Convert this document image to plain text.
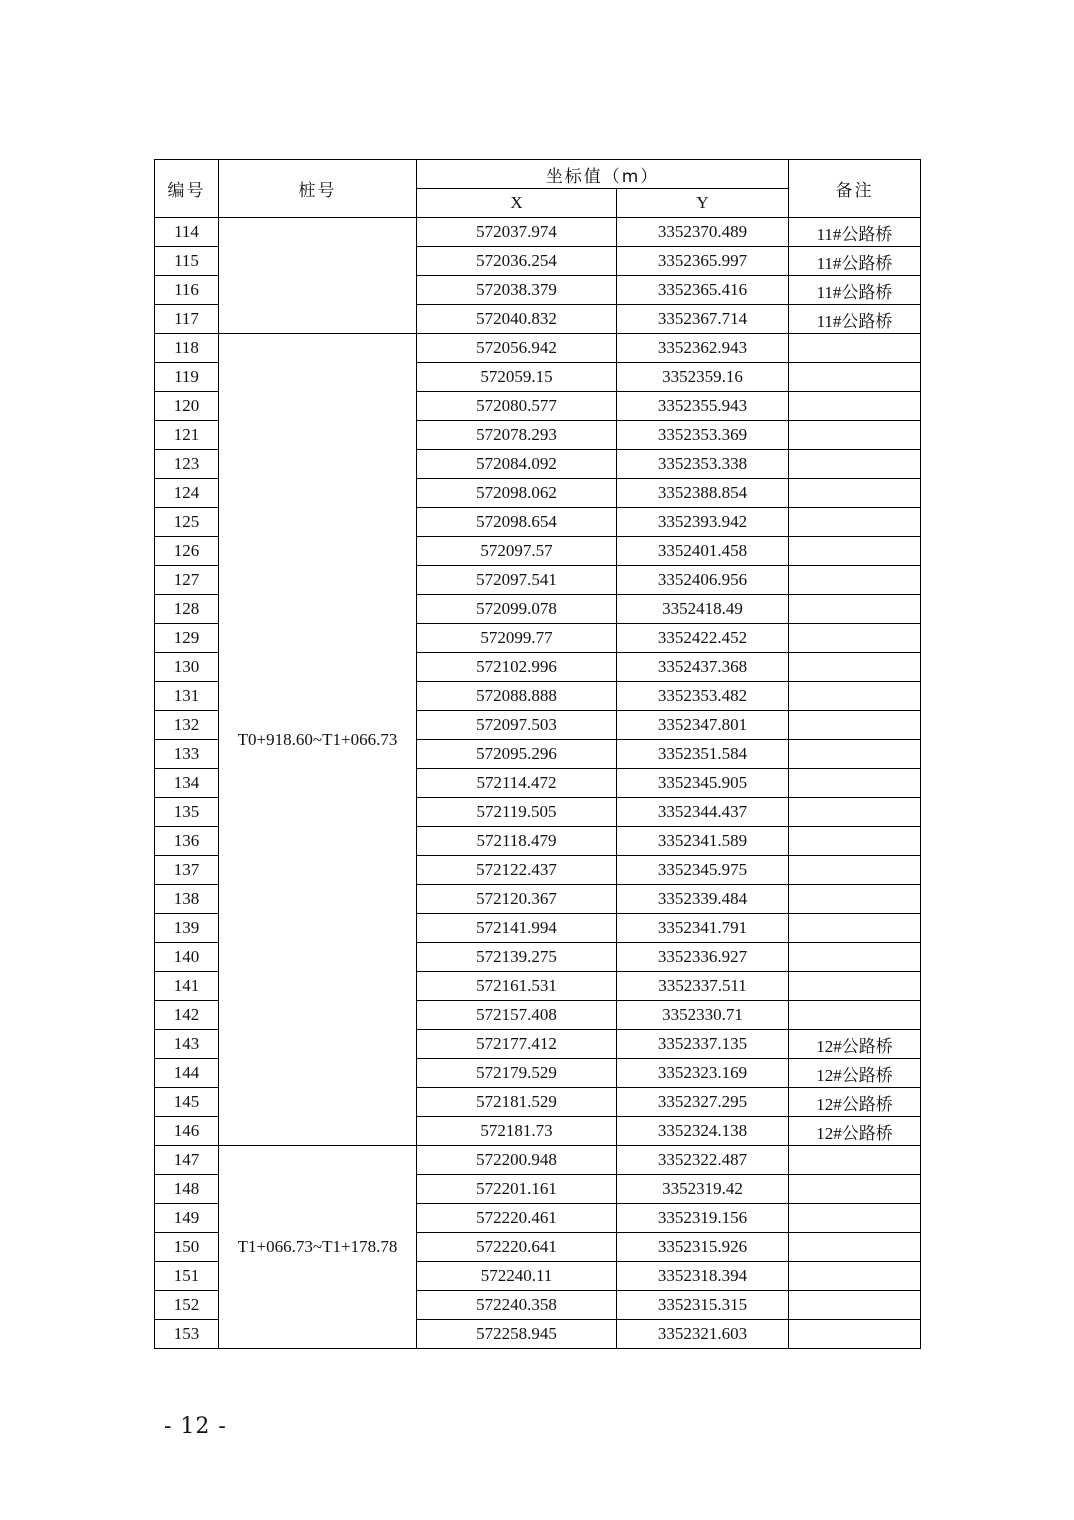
编号	桩号	坐标值（m）		备注
		X	Y	
114		572037.974	3352370.489	11#公路桥
115		572036.254	3352365.997	11#公路桥
116		572038.379	3352365.416	11#公路桥
117		572040.832	3352367.714	11#公路桥
118	T0+918.60~T1+066.73	572056.942	3352362.943	
119		572059.15	3352359.16	
120		572080.577	3352355.943	
121		572078.293	3352353.369	
123		572084.092	3352353.338	
124		572098.062	3352388.854	
125		572098.654	3352393.942	
126		572097.57	3352401.458	
127		572097.541	3352406.956	
128		572099.078	3352418.49	
129		572099.77	3352422.452	
130		572102.996	3352437.368	
131		572088.888	3352353.482	
132		572097.503	3352347.801	
133		572095.296	3352351.584	
134		572114.472	3352345.905	
135		572119.505	3352344.437	
136		572118.479	3352341.589	
137		572122.437	3352345.975	
138		572120.367	3352339.484	
139		572141.994	3352341.791	
140		572139.275	3352336.927	
141		572161.531	3352337.511	
142		572157.408	3352330.71	
143		572177.412	3352337.135	12#公路桥
144		572179.529	3352323.169	12#公路桥
145		572181.529	3352327.295	12#公路桥
146		572181.73	3352324.138	12#公路桥
147	T1+066.73~T1+178.78	572200.948	3352322.487	
148		572201.161	3352319.42	
149		572220.461	3352319.156	
150		572220.641	3352315.926	
151		572240.11	3352318.394	
152		572240.358	3352315.315	
153		572258.945	3352321.603	
- 12 -
